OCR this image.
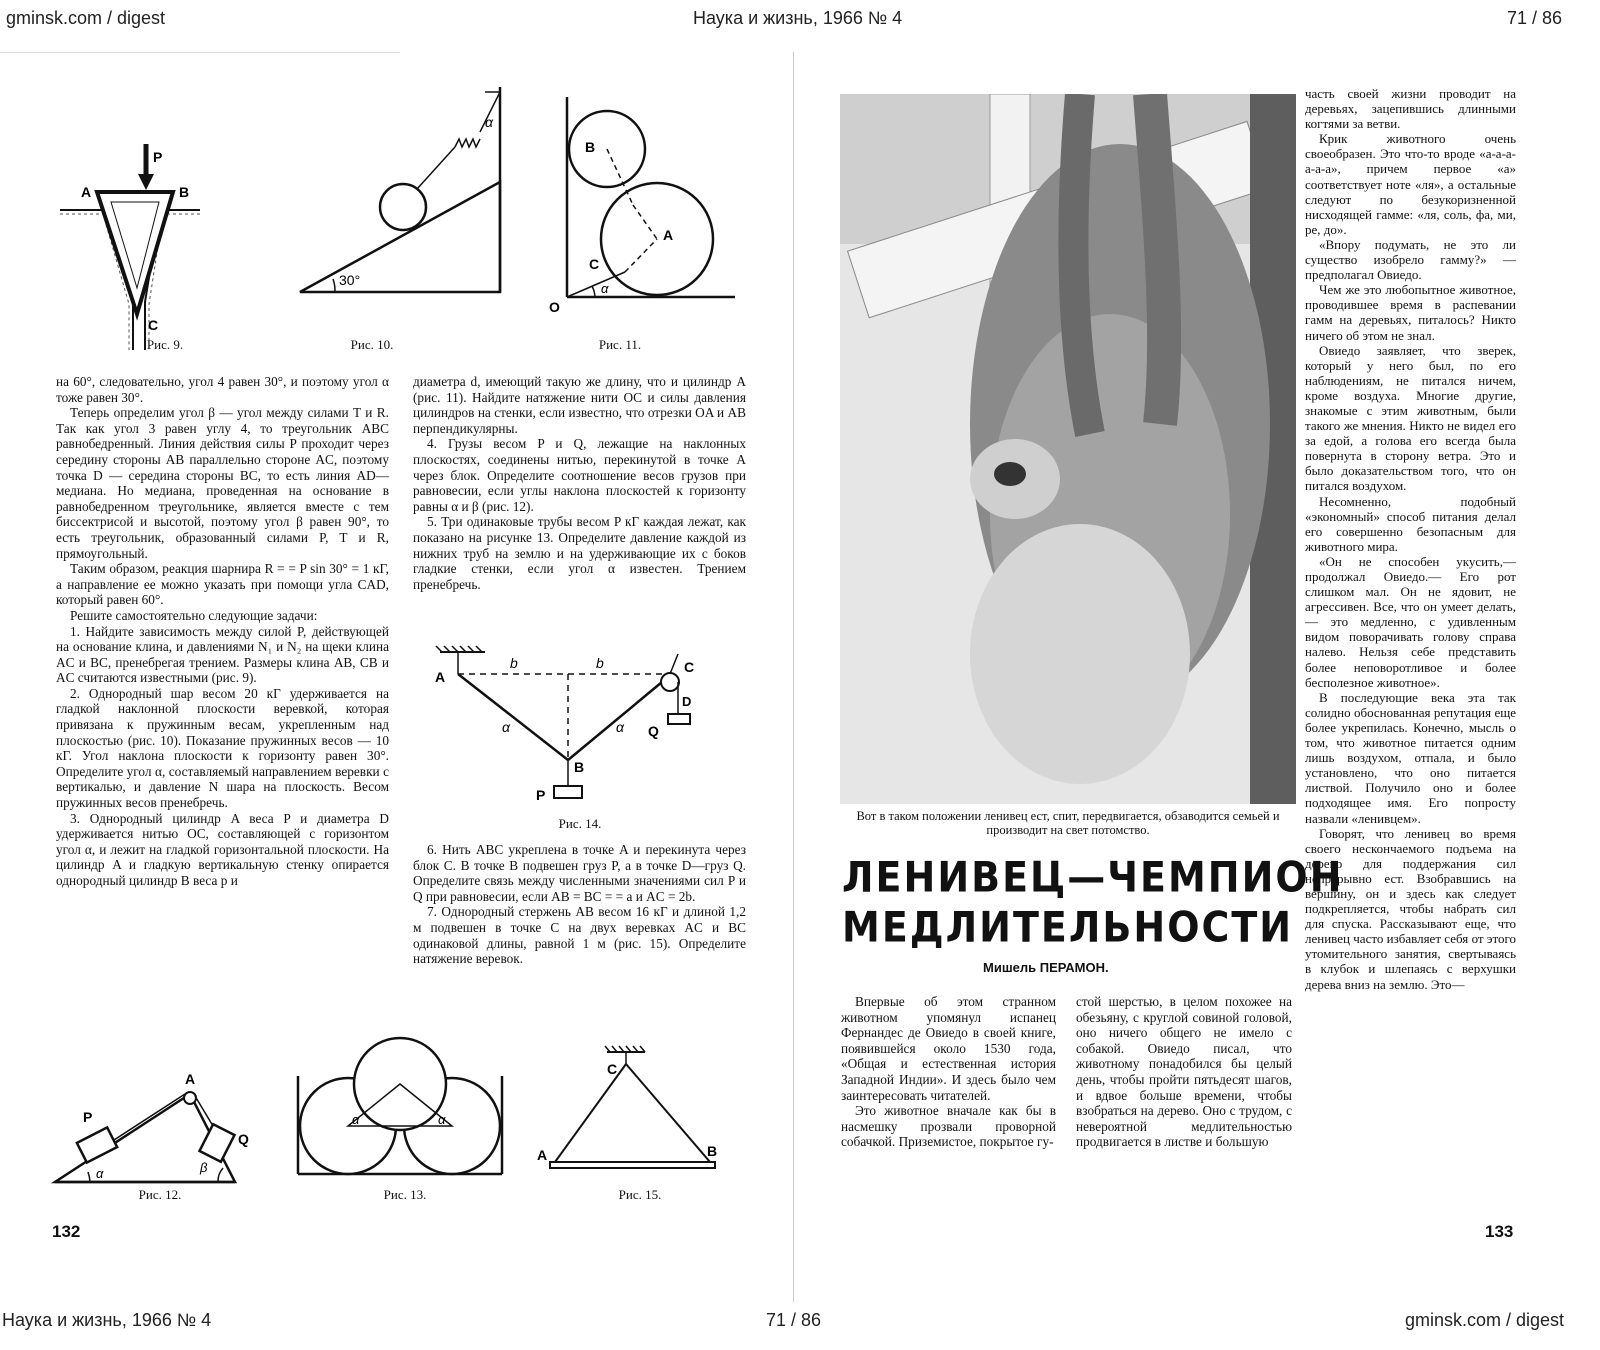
gminsk.com / digest	Наука и жизнь, 1966 № 4	71 / 86
P
A	B
C
Рис. 9.
30°
α
Рис. 10.
B
A
C
O
α
Рис. 11.

на 60°, следовательно, угол 4 равен 30°, и поэтому угол α тоже равен 30°.

Теперь определим угол β — угол между силами T и R. Так как угол 3 равен углу 4, то треугольник ABC равнобедренный. Линия действия силы P проходит через середину стороны AB параллельно стороне AC, поэтому точка D — середина стороны BC, то есть линия AD—медиана. Но медиана, проведенная на основание в равнобедренном треугольнике, является вместе с тем биссектрисой и высотой, поэтому угол β равен 90°, то есть треугольник, образованный силами P, T и R, прямоугольный.

Таким образом, реакция шарнира R = = P sin 30° = 1 кГ, а направление ее можно указать при помощи угла CAD, который равен 60°.

Решите самостоятельно следующие задачи:

1. Найдите зависимость между силой P, действующей на основание клина, и давлениями N₁ и N₂ на щеки клина AC и BC, пренебрегая трением. Размеры клина AB, CB и AC считаются известными (рис. 9).

2. Однородный шар весом 20 кГ удерживается на гладкой наклонной плоскости веревкой, которая привязана к пружинным весам, укрепленным над плоскостью (рис. 10). Показание пружинных весов — 10 кГ. Угол наклона плоскости к горизонту равен 30°. Определите угол α, составляемый направлением веревки с вертикалью, и давление N шара на плоскость. Весом пружинных весов пренебречь.

3. Однородный цилиндр A веса P и диаметра D удерживается нитью OC, составляющей с горизонтом угол α, и лежит на гладкой горизонтальной плоскости. На цилиндр A и гладкую вертикальную стенку опирается однородный цилиндр B веса p и

диаметра d, имеющий такую же длину, что и цилиндр A (рис. 11). Найдите натяжение нити OC и силы давления цилиндров на стенки, если известно, что отрезки OA и AB перпендикулярны.

4. Грузы весом P и Q, лежащие на наклонных плоскостях, соединены нитью, перекинутой в точке A через блок. Определите соотношение весов грузов при равновесии, если углы наклона плоскостей к горизонту равны α и β (рис. 12).

5. Три одинаковые трубы весом P кГ каждая лежат, как показано на рисунке 13. Определите давление каждой из нижних труб на землю и на удерживающие их с боков гладкие стенки, если угол α известен. Трением пренебречь.

A
C
D
Q
B
P
α	α
b	b
Рис. 14.

6. Нить ABC укреплена в точке A и перекинута через блок C. В точке B подвешен груз P, а в точке D—груз Q. Определите связь между численными значениями сил P и Q при равновесии, если AB = BC = = a и AC = 2b.

7. Однородный стержень AB весом 16 кГ и длиной 1,2 м подвешен в точке C на двух веревках AC и BC одинаковой длины, равной 1 м (рис. 15). Определите натяжение веревок.

A
P
Q
α	β
Рис. 12.
α	α
Рис. 13.
C
A	B
Рис. 15.
132
Вот в таком положении ленивец ест, спит, передвигается, обзаводится семьей и производит на свет потомство.
ЛЕНИВЕЦ—ЧЕМПИОН
МЕДЛИТЕЛЬНОСТИ
Мишель ПЕРАМОН.

Впервые об этом странном животном упомянул испанец Фернандес де Овиедо в своей книге, появившейся около 1530 года, «Общая и естественная история Западной Индии». И здесь было чем заинтересовать читателей.

Это животное вначале как бы в насмешку прозвали проворной собачкой. Приземистое, покрытое гу-

стой шерстью, в целом похожее на обезьяну, с круглой совиной головой, оно ничего общего не имело с собакой. Овиедо писал, что животному понадобился бы целый день, чтобы пройти пятьдесят шагов, и вдвое больше времени, чтобы взобраться на дерево. Оно с трудом, с невероятной медлительностью продвигается в листве и большую

часть своей жизни проводит на деревьях, зацепившись длинными когтями за ветви.

Крик животного очень своеобразен. Это что-то вроде «а-а-а-а-а-а», причем первое «а» соответствует ноте «ля», а остальные следуют по безукоризненной нисходящей гамме: «ля, соль, фа, ми, ре, до».

«Впору подумать, не это ли существо изобрело гамму?» — предполагал Овиедо.

Чем же это любопытное животное, проводившее время в распевании гамм на деревьях, питалось? Никто ничего об этом не знал.

Овиедо заявляет, что зверек, который у него был, по его наблюдениям, не питался ничем, кроме воздуха. Многие другие, знакомые с этим животным, были такого же мнения. Никто не видел его за едой, а голова его всегда была повернута в сторону ветра. Это и было доказательством того, что он питался воздухом.

Несомненно, подобный «экономный» способ питания делал его совершенно безопасным для животного мира.

«Он не способен укусить,—продолжал Овиедо.— Его рот слишком мал. Он не ядовит, не агрессивен. Все, что он умеет делать,— это медленно, с удивленным видом поворачивать голову справа налево. Нельзя себе представить более неповоротливое и более бесполезное животное».

В последующие века эта так солидно обоснованная репутация еще более укрепилась. Конечно, мысль о том, что животное питается одним лишь воздухом, отпала, и было установлено, что оно питается листвой. Получило оно и более подходящее имя. Его попросту назвали «ленивцем».

Говорят, что ленивец во время своего нескончаемого подъема на дерево для поддержания сил непрерывно ест. Взобравшись на вершину, он и здесь как следует подкрепляется, чтобы набрать сил для спуска. Рассказывают еще, что ленивец часто избавляет себя от этого утомительного занятия, свертываясь в клубок и шлепаясь с верхушки дерева вниз на землю. Это—

133
Наука и жизнь, 1966 № 4	71 / 86	gminsk.com / digest
